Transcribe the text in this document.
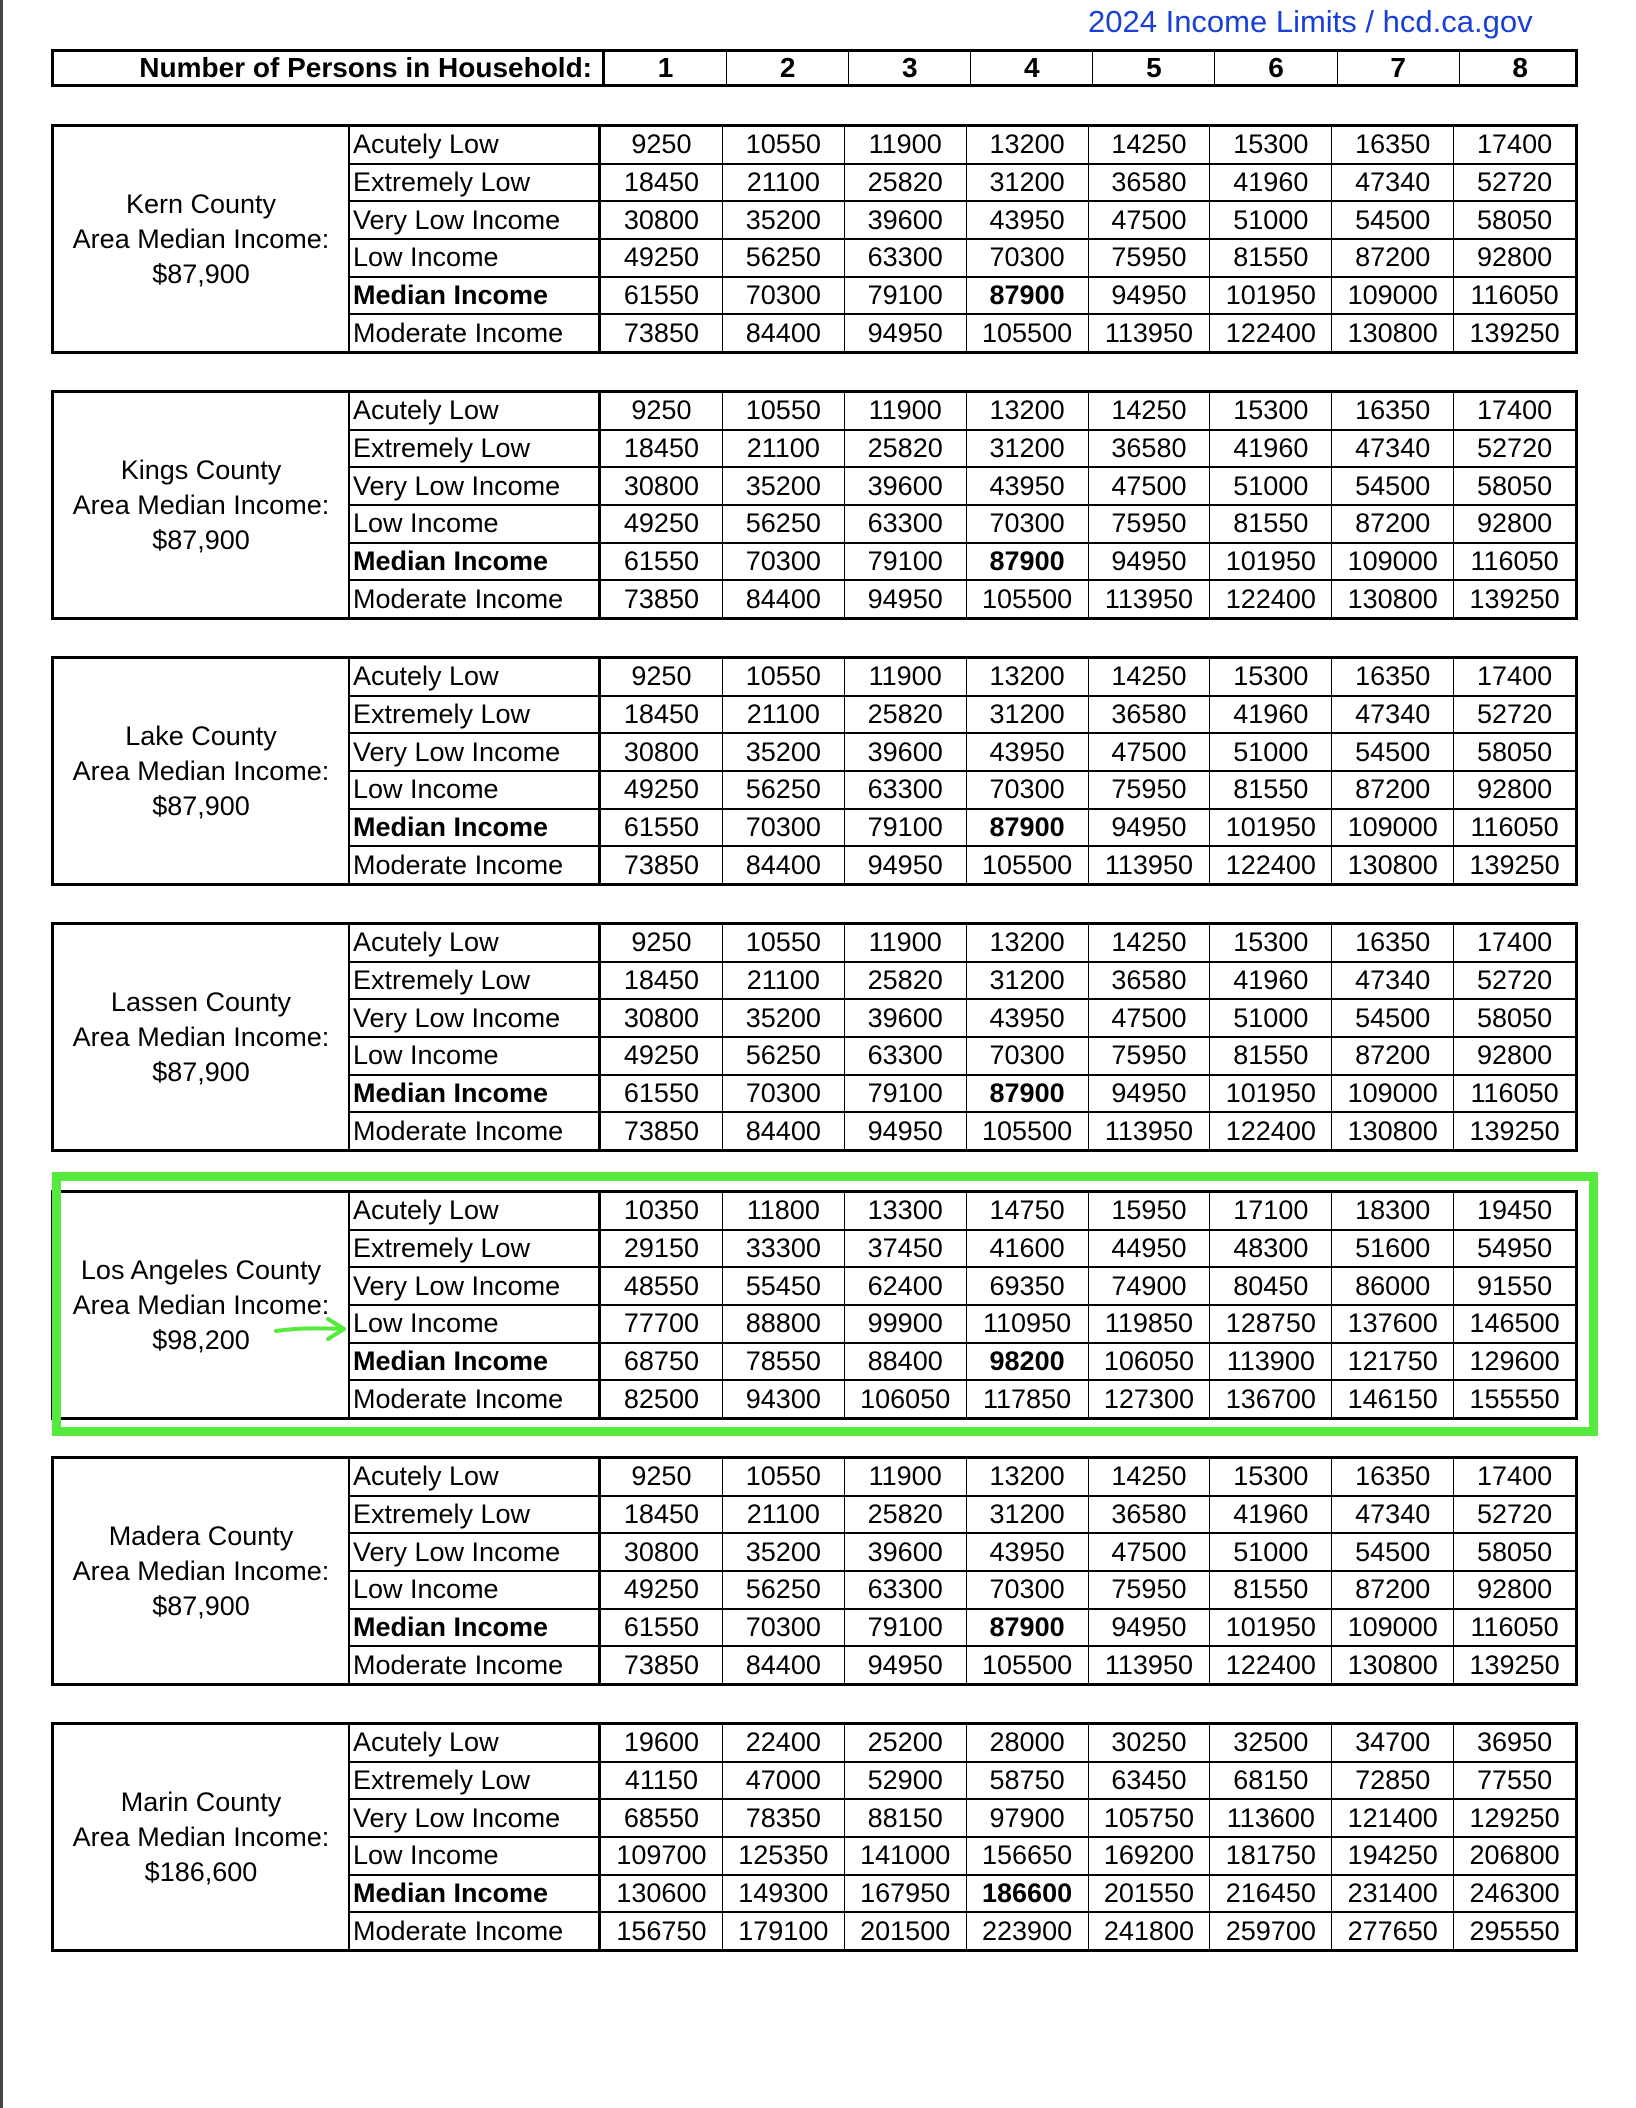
2024 Income Limits / hcd.ca.gov
Number of Persons in Household:	1	2	3	4	5	6	7	8
Kern County
Area Median Income:
$87,900
Acutely Low	9250	10550	11900	13200	14250	15300	16350	17400
Extremely Low	18450	21100	25820	31200	36580	41960	47340	52720
Very Low Income	30800	35200	39600	43950	47500	51000	54500	58050
Low Income	49250	56250	63300	70300	75950	81550	87200	92800
Median Income	61550	70300	79100	87900	94950	101950	109000	116050
Moderate Income	73850	84400	94950	105500	113950	122400	130800	139250
Kings County
Area Median Income:
$87,900
Acutely Low	9250	10550	11900	13200	14250	15300	16350	17400
Extremely Low	18450	21100	25820	31200	36580	41960	47340	52720
Very Low Income	30800	35200	39600	43950	47500	51000	54500	58050
Low Income	49250	56250	63300	70300	75950	81550	87200	92800
Median Income	61550	70300	79100	87900	94950	101950	109000	116050
Moderate Income	73850	84400	94950	105500	113950	122400	130800	139250
Lake County
Area Median Income:
$87,900
Acutely Low	9250	10550	11900	13200	14250	15300	16350	17400
Extremely Low	18450	21100	25820	31200	36580	41960	47340	52720
Very Low Income	30800	35200	39600	43950	47500	51000	54500	58050
Low Income	49250	56250	63300	70300	75950	81550	87200	92800
Median Income	61550	70300	79100	87900	94950	101950	109000	116050
Moderate Income	73850	84400	94950	105500	113950	122400	130800	139250
Lassen County
Area Median Income:
$87,900
Acutely Low	9250	10550	11900	13200	14250	15300	16350	17400
Extremely Low	18450	21100	25820	31200	36580	41960	47340	52720
Very Low Income	30800	35200	39600	43950	47500	51000	54500	58050
Low Income	49250	56250	63300	70300	75950	81550	87200	92800
Median Income	61550	70300	79100	87900	94950	101950	109000	116050
Moderate Income	73850	84400	94950	105500	113950	122400	130800	139250
Los Angeles County
Area Median Income:
$98,200
Acutely Low	10350	11800	13300	14750	15950	17100	18300	19450
Extremely Low	29150	33300	37450	41600	44950	48300	51600	54950
Very Low Income	48550	55450	62400	69350	74900	80450	86000	91550
Low Income	77700	88800	99900	110950	119850	128750	137600	146500
Median Income	68750	78550	88400	98200	106050	113900	121750	129600
Moderate Income	82500	94300	106050	117850	127300	136700	146150	155550
Madera County
Area Median Income:
$87,900
Acutely Low	9250	10550	11900	13200	14250	15300	16350	17400
Extremely Low	18450	21100	25820	31200	36580	41960	47340	52720
Very Low Income	30800	35200	39600	43950	47500	51000	54500	58050
Low Income	49250	56250	63300	70300	75950	81550	87200	92800
Median Income	61550	70300	79100	87900	94950	101950	109000	116050
Moderate Income	73850	84400	94950	105500	113950	122400	130800	139250
Marin County
Area Median Income:
$186,600
Acutely Low	19600	22400	25200	28000	30250	32500	34700	36950
Extremely Low	41150	47000	52900	58750	63450	68150	72850	77550
Very Low Income	68550	78350	88150	97900	105750	113600	121400	129250
Low Income	109700	125350	141000	156650	169200	181750	194250	206800
Median Income	130600	149300	167950	186600	201550	216450	231400	246300
Moderate Income	156750	179100	201500	223900	241800	259700	277650	295550
